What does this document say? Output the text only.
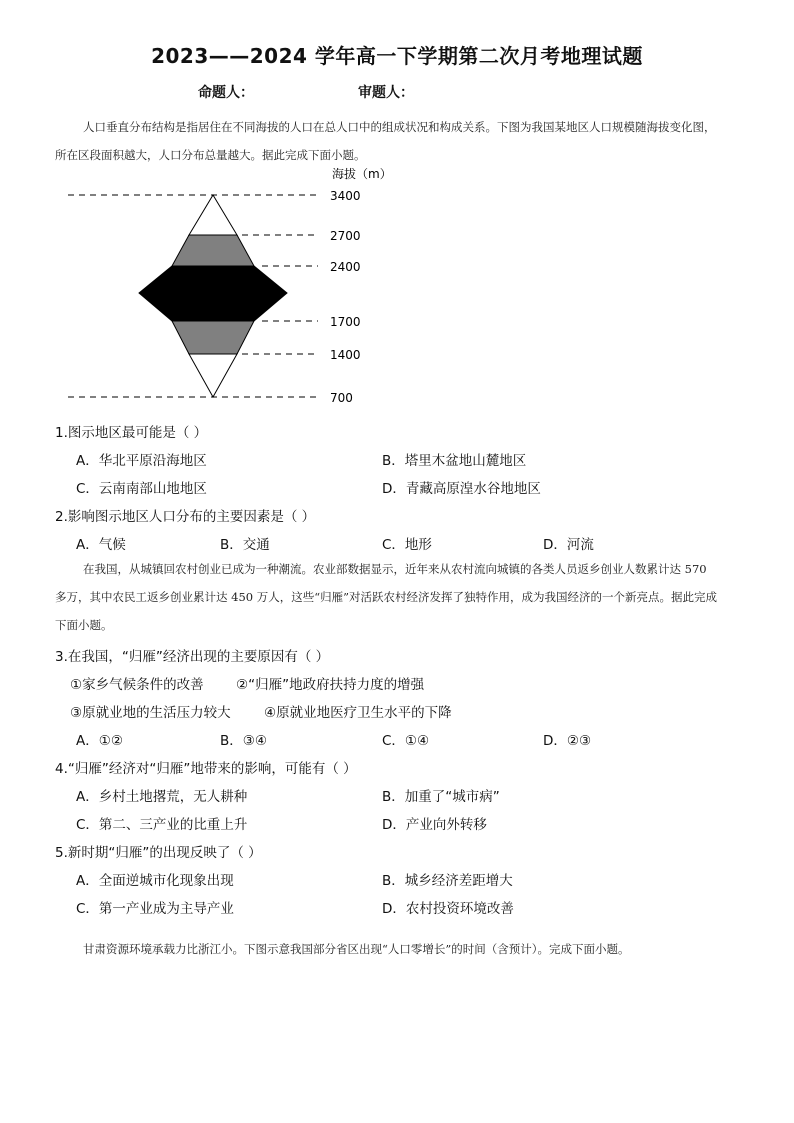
2023——2024 学年高一下学期第二次月考地理试题
命题人：	审题人：
人口垂直分布结构是指居住在不同海拔的人口在总人口中的组成状况和构成关系。下图为我国某地区人口规模随海拔变化图，所在区段面积越大，人口分布总量越大。据此完成下面小题。
海拔（m）
3400
2700
2400
1700
1400
700
1.图示地区最可能是（ ）
A．华北平原沿海地区	B．塔里木盆地山麓地区
C．云南南部山地地区	D．青藏高原湟水谷地地区
2.影响图示地区人口分布的主要因素是（ ）
A．气候	B．交通	C．地形	D．河流
在我国，从城镇回农村创业已成为一种潮流。农业部数据显示，近年来从农村流向城镇的各类人员返乡创业人数累计达 570 多万，其中农民工返乡创业累计达 450 万人，这些“归雁”对活跃农村经济发挥了独特作用，成为我国经济的一个新亮点。据此完成下面小题。
3.在我国，“归雁”经济出现的主要原因有（ ）
①家乡气候条件的改善 ②“归雁”地政府扶持力度的增强
③原就业地的生活压力较大 ④原就业地医疗卫生水平的下降
A．①②	B．③④	C．①④	D．②③
4.“归雁”经济对“归雁”地带来的影响，可能有（ ）
A．乡村土地撂荒，无人耕种	B．加重了“城市病”
C．第二、三产业的比重上升	D．产业向外转移
5.新时期“归雁”的出现反映了（ ）
A．全面逆城市化现象出现	B．城乡经济差距增大
C．第一产业成为主导产业	D．农村投资环境改善
甘肃资源环境承载力比浙江小。下图示意我国部分省区出现“人口零增长”的时间（含预计）。完成下面小题。
